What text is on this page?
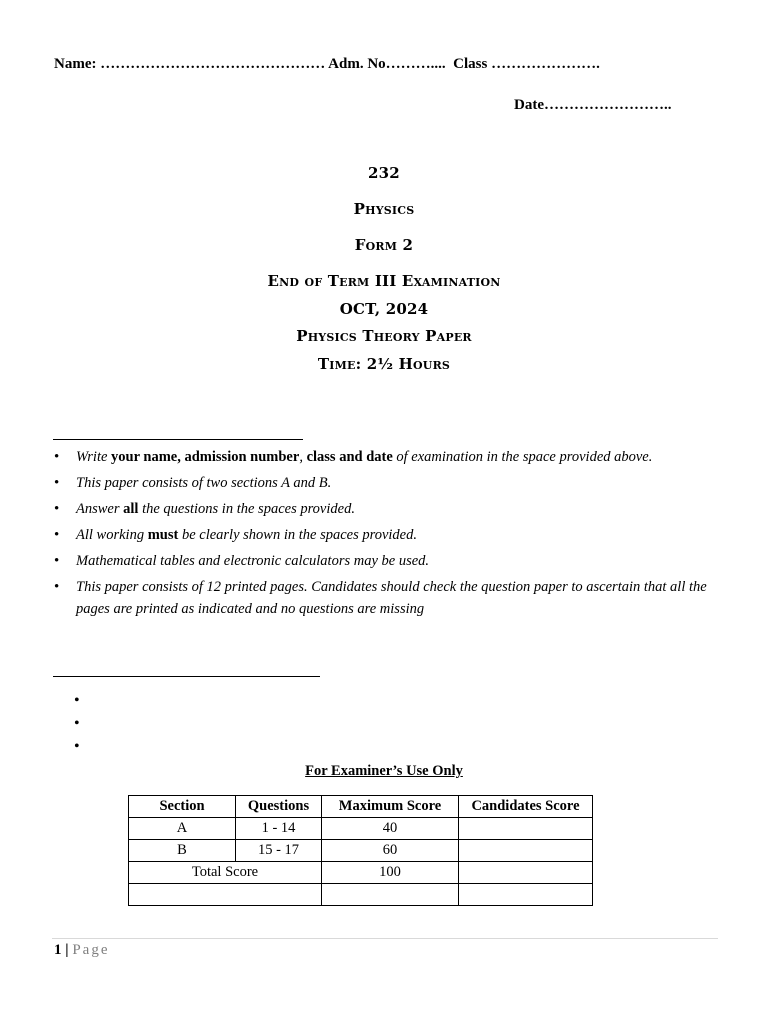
Name: ……………………………………… Adm. No………....  Class ………………….
Date……………………..
232
Physics
Form 2
End of Term III Examination
OCT, 2024
Physics Theory Paper
Time: 2½ Hours
• Write your name, admission number, class and date of examination in the space provided above.
• This paper consists of two sections A and B.
• Answer all the questions in the spaces provided.
• All working must be clearly shown in the spaces provided.
• Mathematical tables and electronic calculators may be used.
• This paper consists of 12 printed pages. Candidates should check the question paper to ascertain that all the pages are printed as indicated and no questions are missing
•
•
•
For Examiner’s Use Only
Section	Questions	Maximum Score	Candidates Score
A	1 - 14	40	
B	15 - 17	60	
Total Score		100	

1 | Page
